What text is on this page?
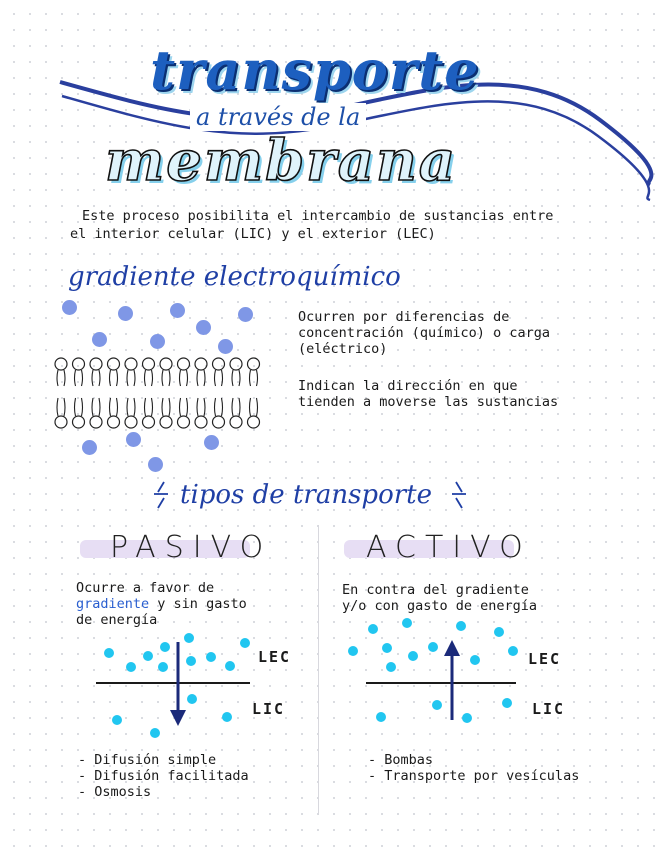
transporte
a través de la
membrana
Este proceso posibilita el intercambio de sustancias entre
el interior celular (LIC) y el exterior (LEC)
gradiente electroquímico
Ocurren por diferencias de
concentración (químico) o carga
(eléctrico)
Indican la dirección en que
tienden a moverse las sustancias
tipos de transporte
PASIVO
Ocurre a favor de
gradiente y sin gasto
de energía
LEC
LIC
- Difusión simple
- Difusión facilitada
- Osmosis
ACTIVO
En contra del gradiente
y/o con gasto de energía
LEC
LIC
- Bombas
- Transporte por vesículas
